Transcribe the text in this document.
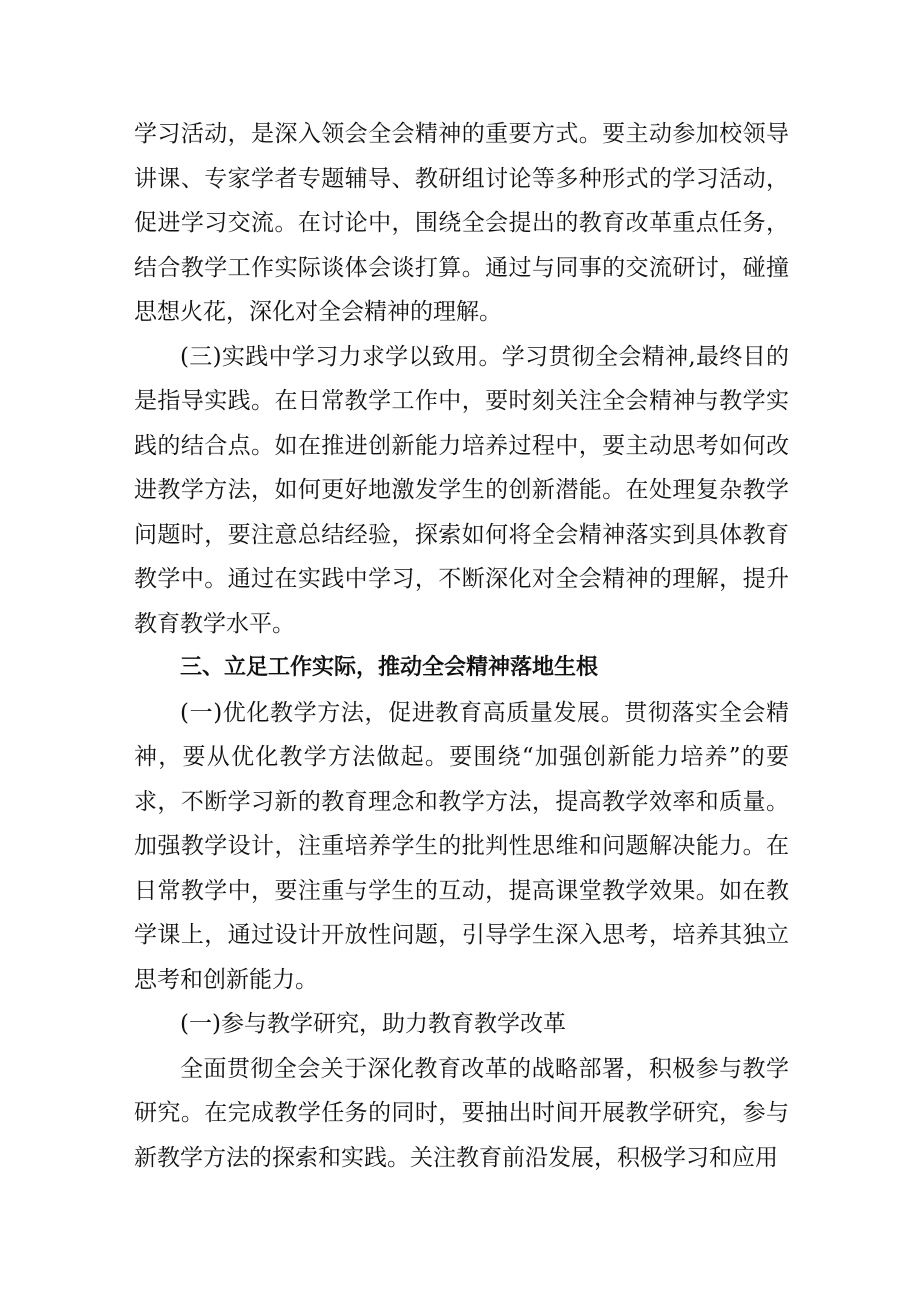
学习活动，是深入领会全会精神的重要方式。要主动参加校领导讲课、专家学者专题辅导、教研组讨论等多种形式的学习活动，促进学习交流。在讨论中，围绕全会提出的教育改革重点任务，结合教学工作实际谈体会谈打算。通过与同事的交流研讨，碰撞思想火花，深化对全会精神的理解。

(三)实践中学习力求学以致用。学习贯彻全会精神,最终目的是指导实践。在日常教学工作中，要时刻关注全会精神与教学实践的结合点。如在推进创新能力培养过程中，要主动思考如何改进教学方法，如何更好地激发学生的创新潜能。在处理复杂教学问题时，要注意总结经验，探索如何将全会精神落实到具体教育教学中。通过在实践中学习，不断深化对全会精神的理解，提升教育教学水平。

三、立足工作实际，推动全会精神落地生根

(一)优化教学方法，促进教育高质量发展。贯彻落实全会精神，要从优化教学方法做起。要围绕“加强创新能力培养”的要求，不断学习新的教育理念和教学方法，提高教学效率和质量。加强教学设计，注重培养学生的批判性思维和问题解决能力。在日常教学中，要注重与学生的互动，提高课堂教学效果。如在教学课上，通过设计开放性问题，引导学生深入思考，培养其独立思考和创新能力。

(一)参与教学研究，助力教育教学改革

全面贯彻全会关于深化教育改革的战略部署，积极参与教学研究。在完成教学任务的同时，要抽出时间开展教学研究，参与新教学方法的探索和实践。关注教育前沿发展，积极学习和应用
